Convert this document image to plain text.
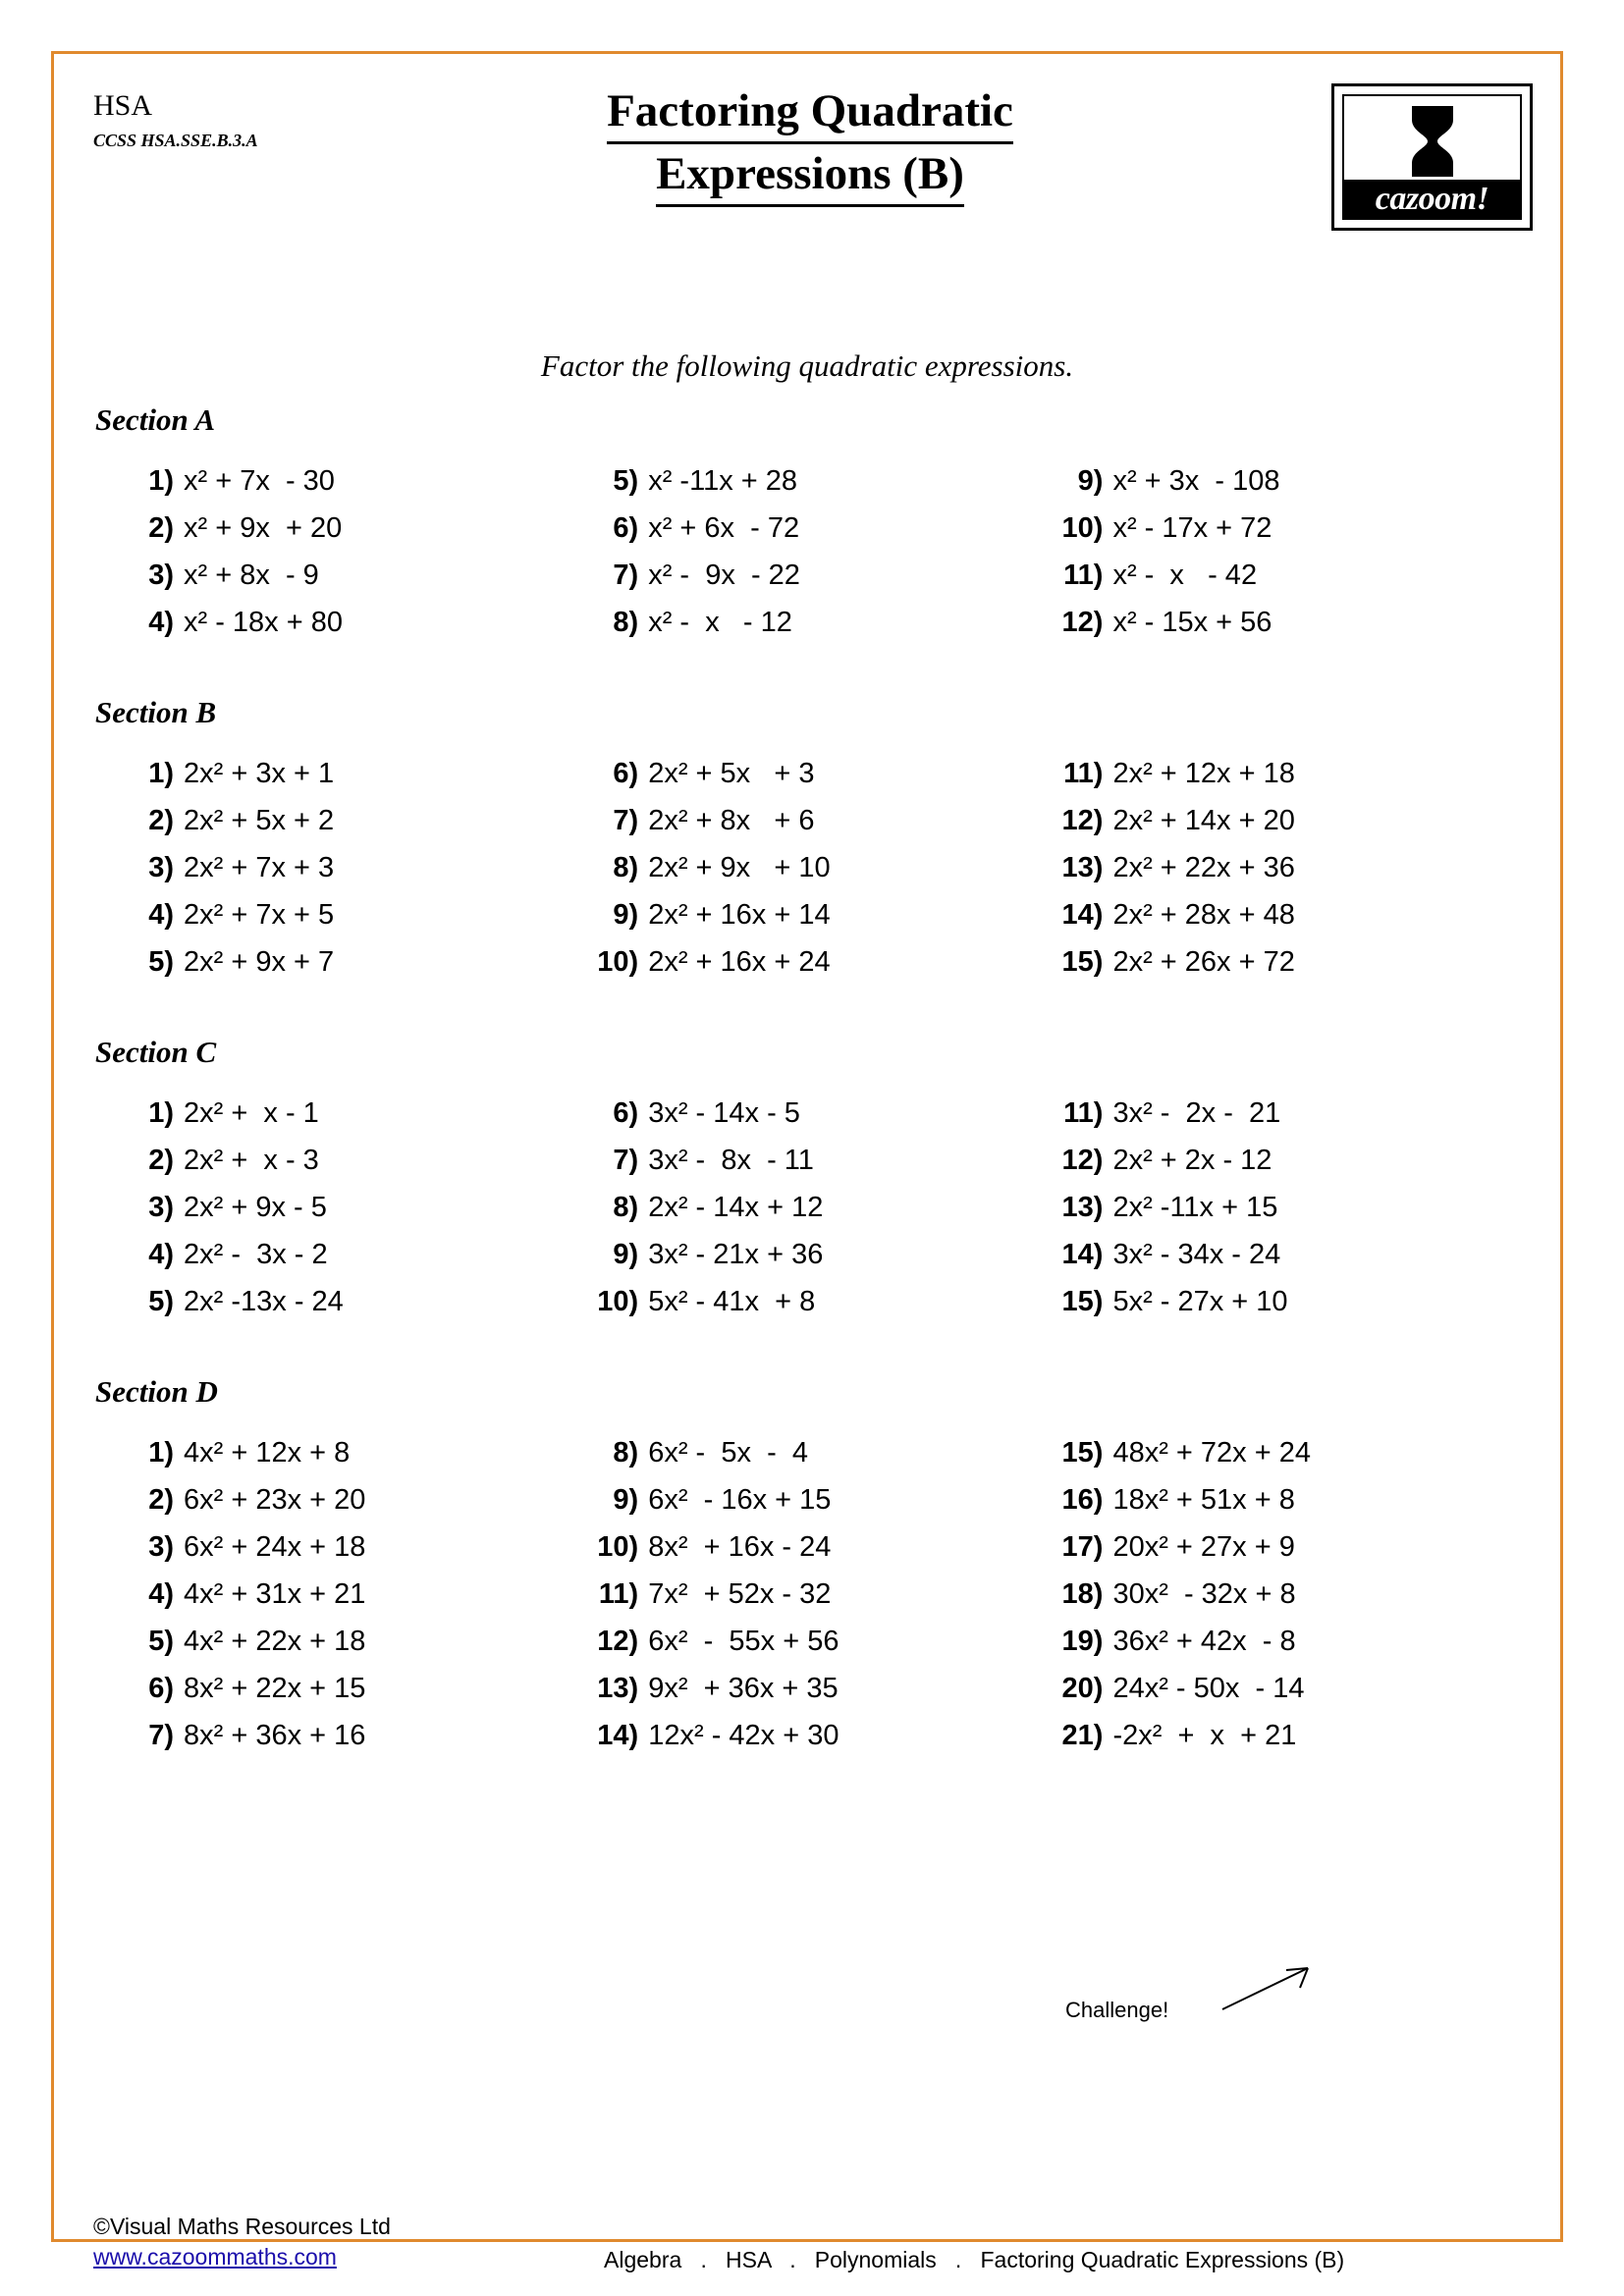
HSA
CCSS HSA.SSE.B.3.A
Factoring Quadratic
Expressions (B)	cazoom!
Factor the following quadratic expressions.
Section A
1) x² + 7x  - 30
2) x² + 9x  + 20
3) x² + 8x  - 9
4) x² - 18x + 80
5) x² -11x + 28
6) x² + 6x  - 72
7) x² -  9x  - 22
8) x² -  x   - 12
9) x² + 3x  - 108
10) x² - 17x + 72
11) x² -  x   - 42
12) x² - 15x + 56
Section B
1) 2x² + 3x + 1
2) 2x² + 5x + 2
3) 2x² + 7x + 3
4) 2x² + 7x + 5
5) 2x² + 9x + 7
6) 2x² + 5x   + 3
7) 2x² + 8x   + 6
8) 2x² + 9x   + 10
9) 2x² + 16x + 14
10) 2x² + 16x + 24
11) 2x² + 12x + 18
12) 2x² + 14x + 20
13) 2x² + 22x + 36
14) 2x² + 28x + 48
15) 2x² + 26x + 72
Section C
1) 2x² +  x - 1
2) 2x² +  x - 3
3) 2x² + 9x - 5
4) 2x² -  3x - 2
5) 2x² -13x - 24
6) 3x² - 14x - 5
7) 3x² -  8x  - 11
8) 2x² - 14x + 12
9) 3x² - 21x + 36
10) 5x² - 41x  + 8
11) 3x² -  2x -  21
12) 2x² + 2x - 12
13) 2x² -11x + 15
14) 3x² - 34x - 24
15) 5x² - 27x + 10
Section D
1) 4x² + 12x + 8
2) 6x² + 23x + 20
3) 6x² + 24x + 18
4) 4x² + 31x + 21
5) 4x² + 22x + 18
6) 8x² + 22x + 15
7) 8x² + 36x + 16
8) 6x² -  5x  -  4
9) 6x²  - 16x + 15
10) 8x²  + 16x - 24
11) 7x²  + 52x - 32
12) 6x²  -  55x + 56
13) 9x²  + 36x + 35
14) 12x² - 42x + 30
15) 48x² + 72x + 24
16) 18x² + 51x + 8
17) 20x² + 27x + 9
18) 30x²  - 32x + 8
19) 36x² + 42x  - 8
20) 24x² - 50x  - 14
21) -2x²  +  x  + 21
Challenge!
©Visual Maths Resources Ltd
www.cazoommaths.com	Algebra   .   HSA   .   Polynomials   .   Factoring Quadratic Expressions (B)
